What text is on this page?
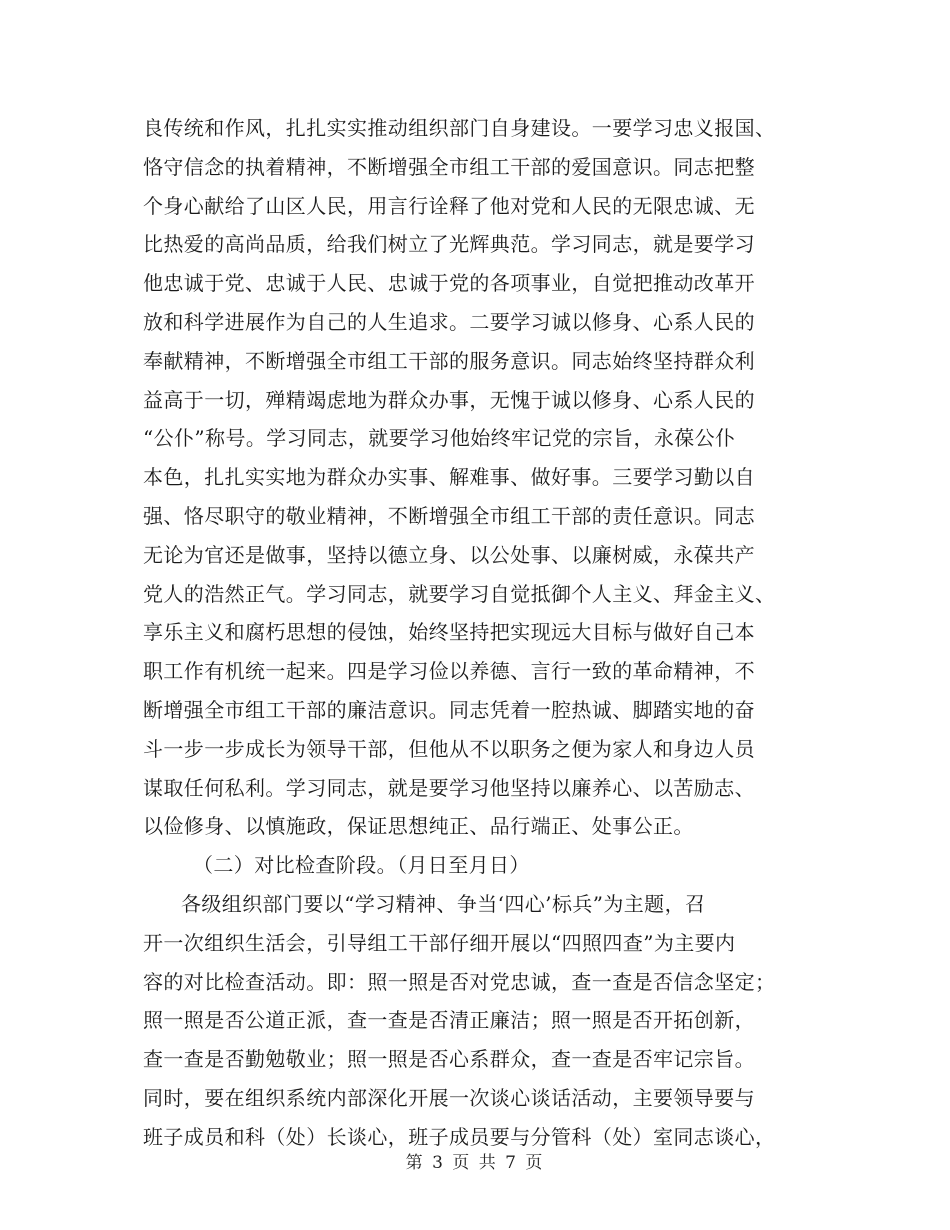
良传统和作风，扎扎实实推动组织部门自身建设。一要学习忠义报国、
恪守信念的执着精神，不断增强全市组工干部的爱国意识。同志把整
个身心献给了山区人民，用言行诠释了他对党和人民的无限忠诚、无
比热爱的高尚品质，给我们树立了光辉典范。学习同志，就是要学习
他忠诚于党、忠诚于人民、忠诚于党的各项事业，自觉把推动改革开
放和科学进展作为自己的人生追求。二要学习诚以修身、心系人民的
奉献精神，不断增强全市组工干部的服务意识。同志始终坚持群众利
益高于一切，殚精竭虑地为群众办事，无愧于诚以修身、心系人民的
“公仆”称号。学习同志，就要学习他始终牢记党的宗旨，永葆公仆
本色，扎扎实实地为群众办实事、解难事、做好事。三要学习勤以自
强、恪尽职守的敬业精神，不断增强全市组工干部的责任意识。同志
无论为官还是做事，坚持以德立身、以公处事、以廉树威，永葆共产
党人的浩然正气。学习同志，就要学习自觉抵御个人主义、拜金主义、
享乐主义和腐朽思想的侵蚀，始终坚持把实现远大目标与做好自己本
职工作有机统一起来。四是学习俭以养德、言行一致的革命精神，不
断增强全市组工干部的廉洁意识。同志凭着一腔热诚、脚踏实地的奋
斗一步一步成长为领导干部，但他从不以职务之便为家人和身边人员
谋取任何私利。学习同志，就是要学习他坚持以廉养心、以苦励志、
以俭修身、以慎施政，保证思想纯正、品行端正、处事公正。
（二）对比检查阶段。（月日至月日）
各级组织部门要以“学习精神、争当‘四心’标兵”为主题，召
开一次组织生活会，引导组工干部仔细开展以“四照四查”为主要内
容的对比检查活动。即：照一照是否对党忠诚，查一查是否信念坚定；
照一照是否公道正派，查一查是否清正廉洁；照一照是否开拓创新，
查一查是否勤勉敬业；照一照是否心系群众，查一查是否牢记宗旨。
同时，要在组织系统内部深化开展一次谈心谈话活动，主要领导要与
班子成员和科（处）长谈心，班子成员要与分管科（处）室同志谈心，
第 3 页 共 7 页
